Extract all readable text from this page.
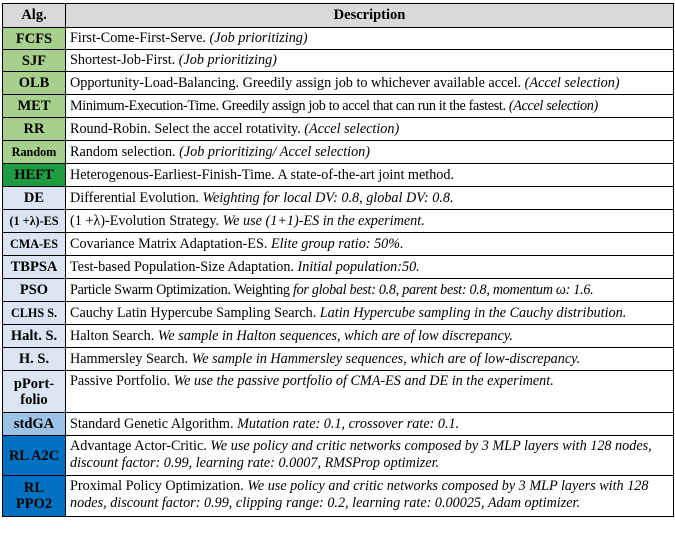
Alg.	Description
FCFS	First-Come-First-Serve. (Job prioritizing)
SJF	Shortest-Job-First. (Job prioritizing)
OLB	Opportunity-Load-Balancing. Greedily assign job to whichever available accel. (Accel selection)
MET	Minimum-Execution-Time. Greedily assign job to accel that can run it the fastest. (Accel selection)
RR	Round-Robin. Select the accel rotativity. (Accel selection)
Random	Random selection. (Job prioritizing/ Accel selection)
HEFT	Heterogenous-Earliest-Finish-Time. A state-of-the-art joint method.
DE	Differential Evolution. Weighting for local DV: 0.8, global DV: 0.8.
(1 +λ)-ES	(1 +λ)-Evolution Strategy. We use (1+1)-ES in the experiment.
CMA-ES	Covariance Matrix Adaptation-ES. Elite group ratio: 50%.
TBPSA	Test-based Population-Size Adaptation. Initial population:50.
PSO	Particle Swarm Optimization. Weighting for global best: 0.8, parent best: 0.8, momentum ω: 1.6.
CLHS S.	Cauchy Latin Hypercube Sampling Search. Latin Hypercube sampling in the Cauchy distribution.
Halt. S.	Halton Search. We sample in Halton sequences, which are of low discrepancy.
H. S.	Hammersley Search. We sample in Hammersley sequences, which are of low-discrepancy.
pPort-folio	Passive Portfolio. We use the passive portfolio of CMA-ES and DE in the experiment.
stdGA	Standard Genetic Algorithm. Mutation rate: 0.1, crossover rate: 0.1.
RL A2C	Advantage Actor-Critic. We use policy and critic networks composed by 3 MLP layers with 128 nodes, discount factor: 0.99, learning rate: 0.0007, RMSProp optimizer.
RL PPO2	Proximal Policy Optimization. We use policy and critic networks composed by 3 MLP layers with 128 nodes, discount factor: 0.99, clipping range: 0.2, learning rate: 0.00025, Adam optimizer.
